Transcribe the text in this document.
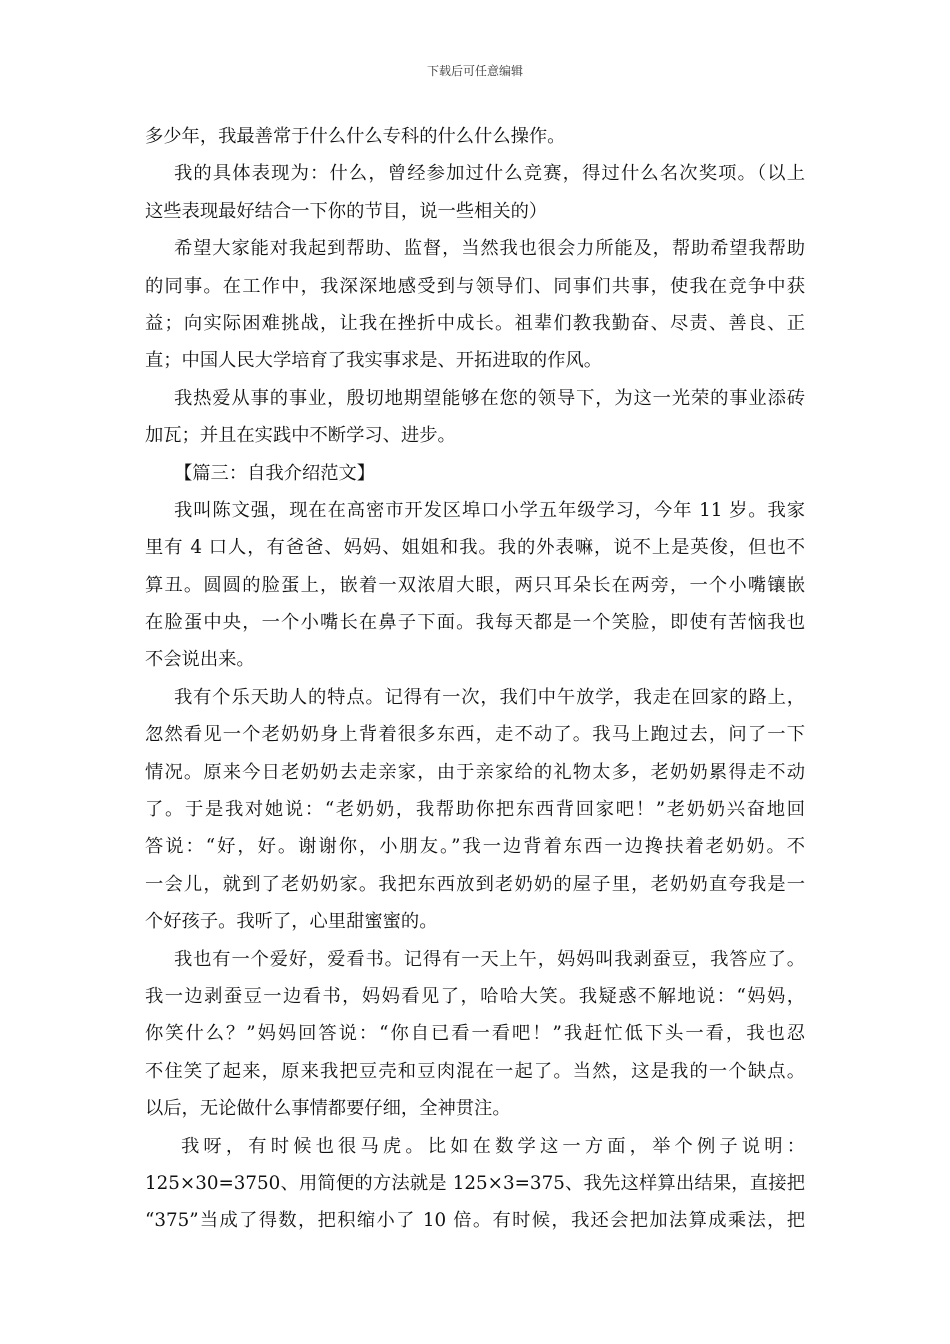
下载后可任意编辑
多少年，我最善常于什么什么专科的什么什么操作。
我的具体表现为：什么，曾经参加过什么竞赛，得过什么名次奖项。（以上
这些表现最好结合一下你的节目，说一些相关的）
希望大家能对我起到帮助、监督，当然我也很会力所能及，帮助希望我帮助
的同事。在工作中，我深深地感受到与领导们、同事们共事，使我在竞争中获
益；向实际困难挑战，让我在挫折中成长。祖辈们教我勤奋、尽责、善良、正
直；中国人民大学培育了我实事求是、开拓进取的作风。
我热爱从事的事业，殷切地期望能够在您的领导下，为这一光荣的事业添砖
加瓦；并且在实践中不断学习、进步。
【篇三：自我介绍范文】
我叫陈文强，现在在高密市开发区埠口小学五年级学习，今年 11 岁。我家
里有 4 口人，有爸爸、妈妈、姐姐和我。我的外表嘛，说不上是英俊，但也不
算丑。圆圆的脸蛋上，嵌着一双浓眉大眼，两只耳朵长在两旁，一个小嘴镶嵌
在脸蛋中央，一个小嘴长在鼻子下面。我每天都是一个笑脸，即使有苦恼我也
不会说出来。
我有个乐天助人的特点。记得有一次，我们中午放学，我走在回家的路上，
忽然看见一个老奶奶身上背着很多东西，走不动了。我马上跑过去，问了一下
情况。原来今日老奶奶去走亲家，由于亲家给的礼物太多，老奶奶累得走不动
了。于是我对她说：“老奶奶，我帮助你把东西背回家吧！”老奶奶兴奋地回
答说：“好，好。谢谢你，小朋友。”我一边背着东西一边搀扶着老奶奶。不
一会儿，就到了老奶奶家。我把东西放到老奶奶的屋子里，老奶奶直夸我是一
个好孩子。我听了，心里甜蜜蜜的。
我也有一个爱好，爱看书。记得有一天上午，妈妈叫我剥蚕豆，我答应了。
我一边剥蚕豆一边看书，妈妈看见了，哈哈大笑。我疑惑不解地说：“妈妈，
你笑什么？”妈妈回答说：“你自已看一看吧！”我赶忙低下头一看，我也忍
不住笑了起来，原来我把豆壳和豆肉混在一起了。当然，这是我的一个缺点。
以后，无论做什么事情都要仔细，全神贯注。
我呀，有时候也很马虎。比如在数学这一方面，举个例子说明：
125×30=3750、用简便的方法就是 125×3=375、我先这样算出结果，直接把
“375”当成了得数，把积缩小了 10 倍。有时候，我还会把加法算成乘法，把
